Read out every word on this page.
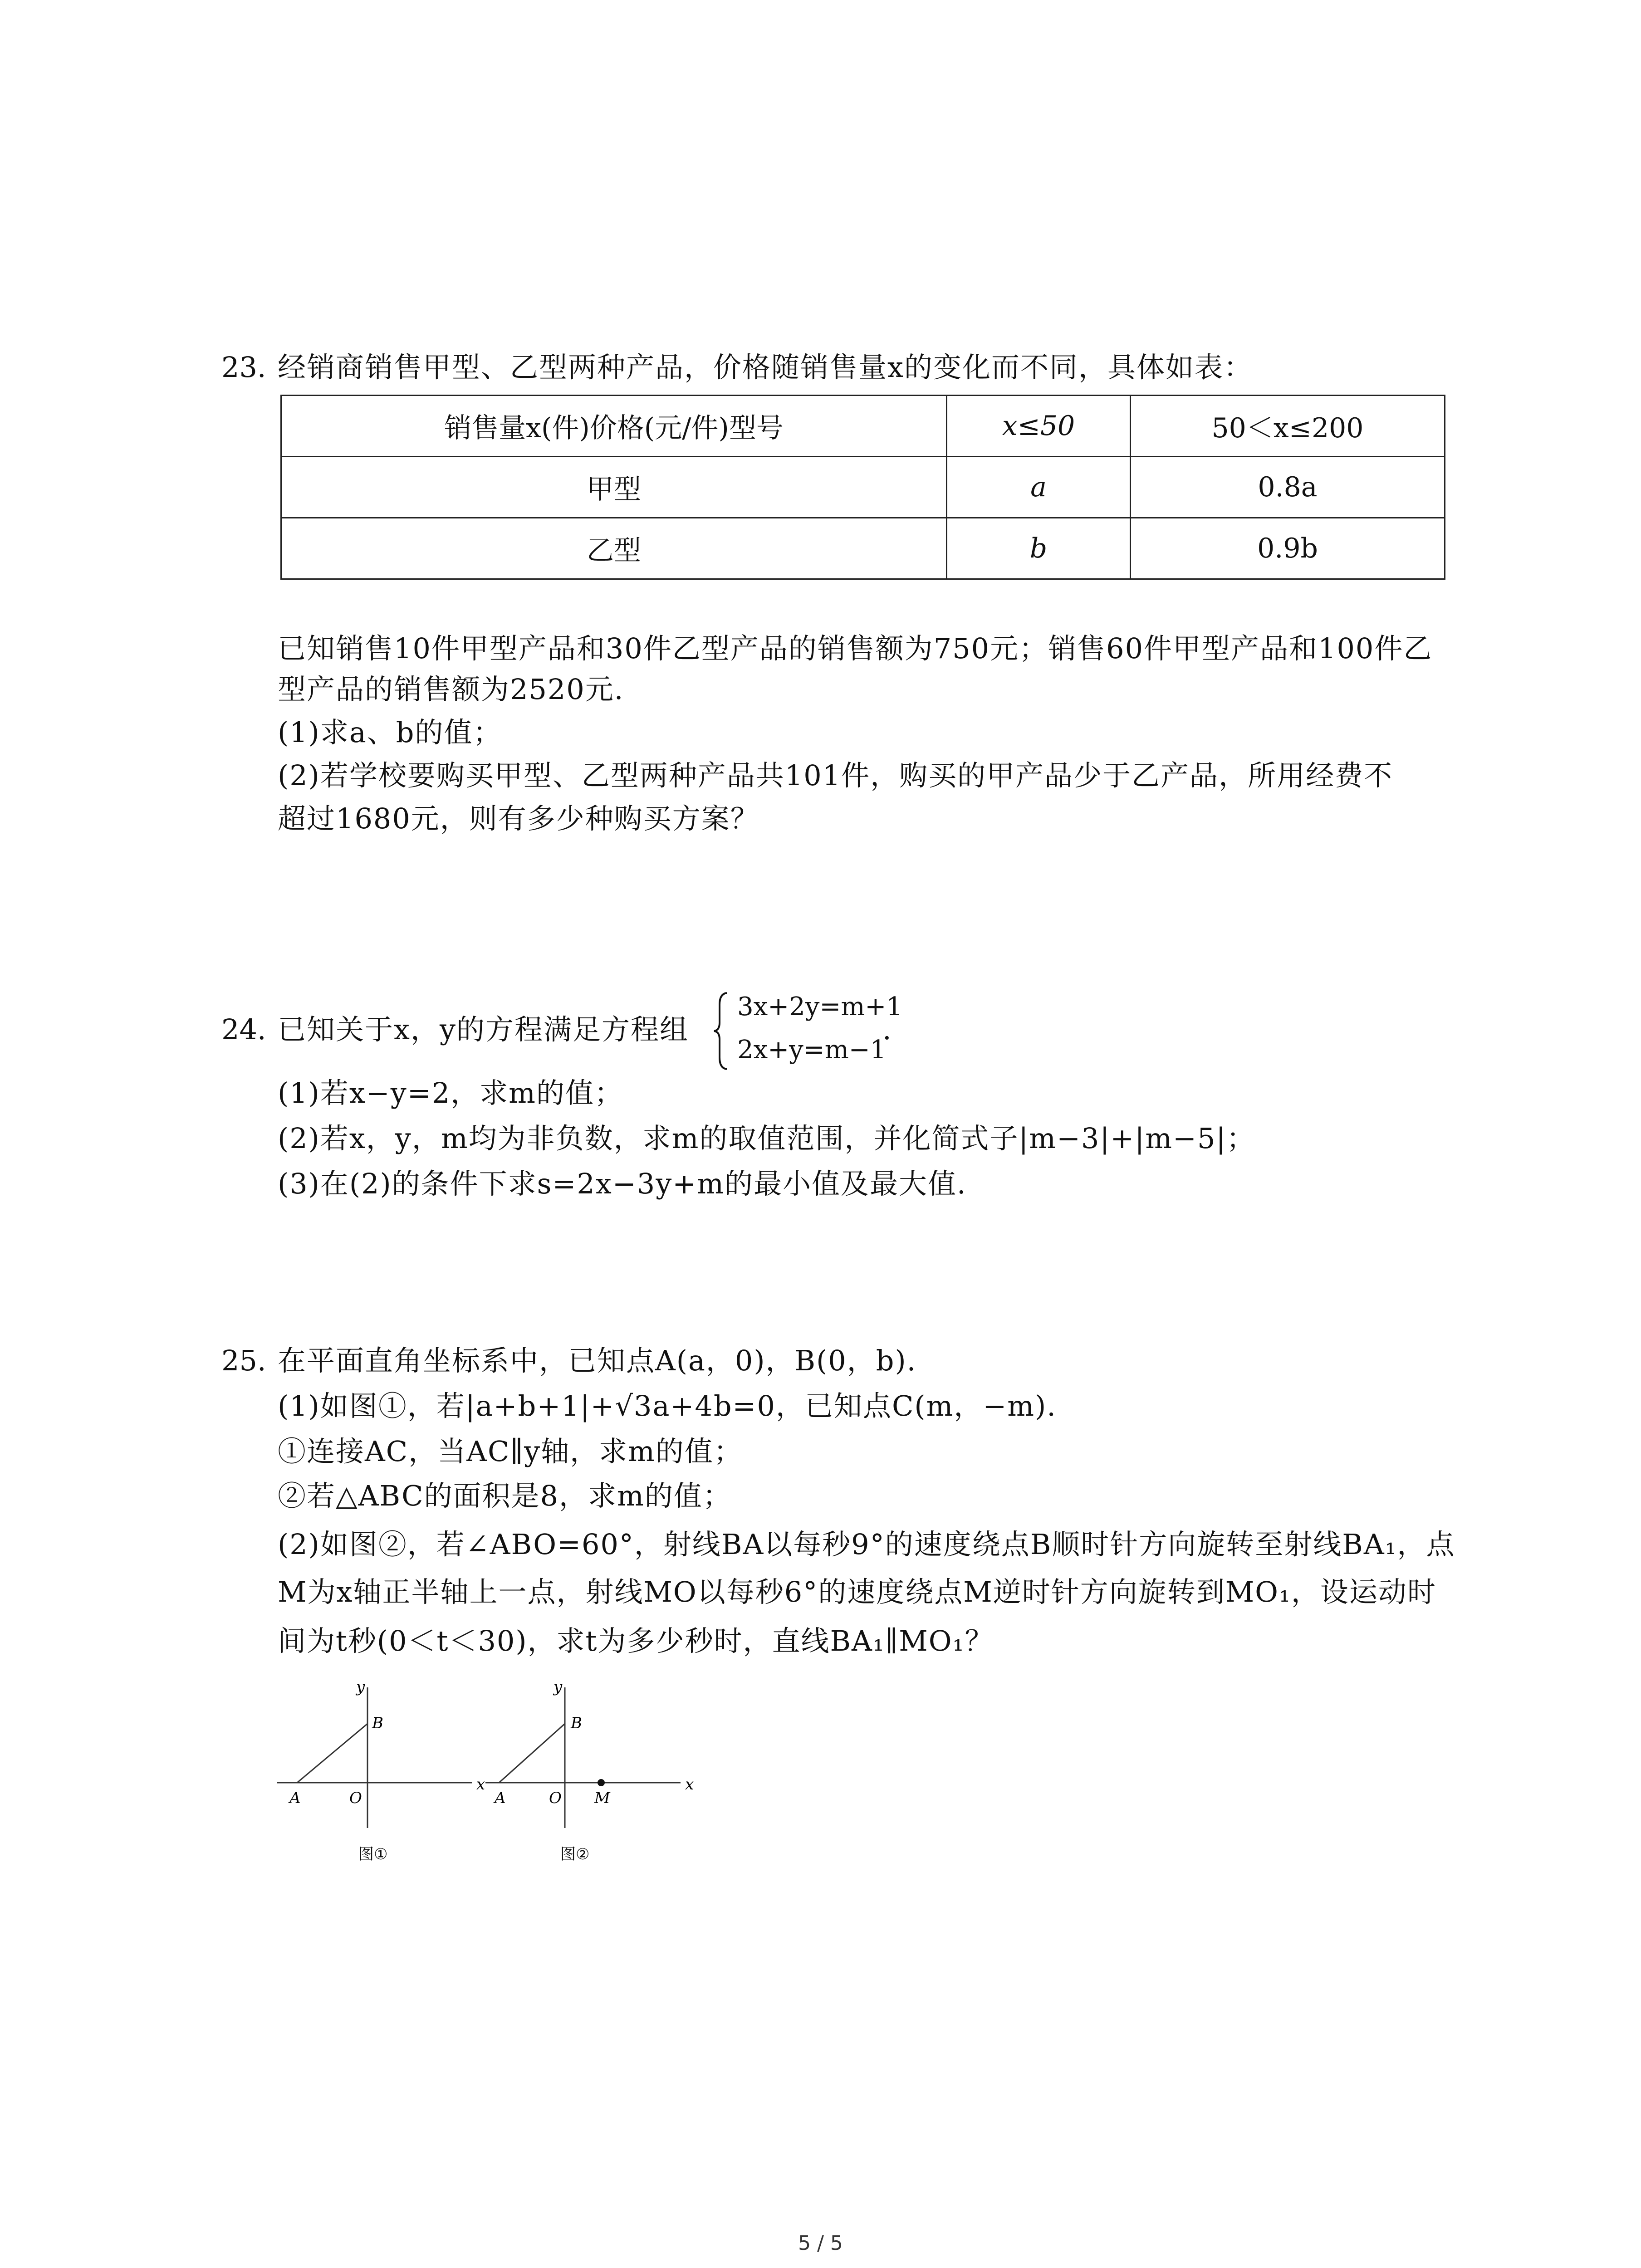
23. 经销商销售甲型、乙型两种产品，价格随销售量x的变化而不同，具体如表：
销售量x(件)价格(元/件)型号	x≤50	50＜x≤200
甲型	a	0.8a
乙型	b	0.9b
已知销售10件甲型产品和30件乙型产品的销售额为750元；销售60件甲型产品和100件乙
型产品的销售额为2520元.
(1)求a、b的值；
(2)若学校要购买甲型、乙型两种产品共101件，购买的甲产品少于乙产品，所用经费不
超过1680元，则有多少种购买方案？
24. 已知关于x，y的方程满足方程组
3x+2y=m+1
2x+y=m−1
.
(1)若x−y=2，求m的值；
(2)若x，y，m均为非负数，求m的取值范围，并化简式子|m−3|+|m−5|；
(3)在(2)的条件下求s=2x−3y+m的最小值及最大值.
25. 在平面直角坐标系中，已知点A(a，0)，B(0，b).
(1)如图①，若|a+b+1|+√3a+4b=0，已知点C(m，−m).
①连接AC，当AC∥y轴，求m的值；
②若△ABC的面积是8，求m的值；
(2)如图②，若∠ABO=60°，射线BA以每秒9°的速度绕点B顺时针方向旋转至射线BA₁，点
M为x轴正半轴上一点，射线MO以每秒6°的速度绕点M逆时针方向旋转到MO₁，设运动时
间为t秒(0＜t＜30)，求t为多少秒时，直线BA₁∥MO₁？
y
x
A	O
B
图①
y
x
A	O
B
M
图②
5 / 5
